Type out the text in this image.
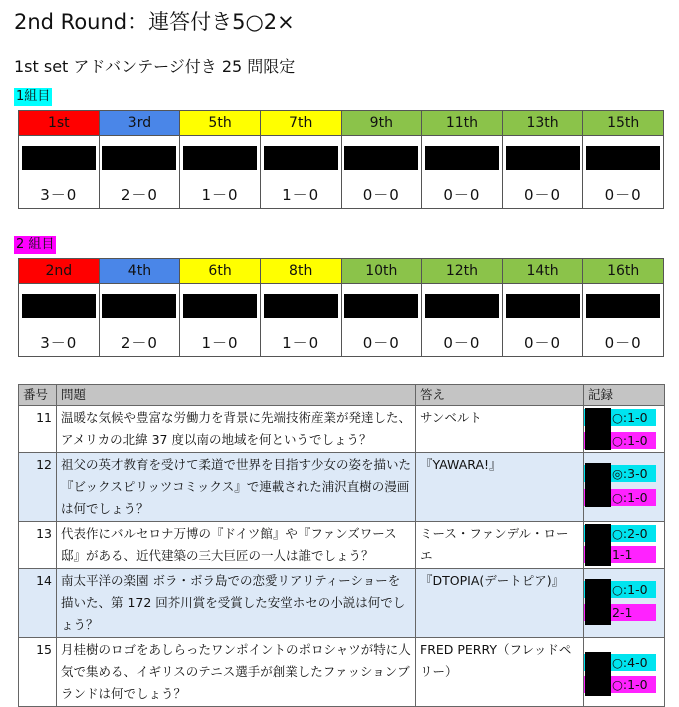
2nd Round：連答付き5○2×
1st set アドバンテージ付き 25 問限定
1組目
1st	3rd	5th	7th	9th	11th	13th	15th

3－0	2－0	1－0	1－0	0－0	0－0	0－0	0－0
2 組目
2nd	4th	6th	8th	10th	12th	14th	16th

3－0	2－0	1－0	1－0	0－0	0－0	0－0	0－0
番号	問題	答え	記録
11	温暖な気候や豊富な労働力を背景に先端技術産業が発達した、アメリカの北緯 37 度以南の地域を何というでしょう？	サンベルト	○:1-0
○:1-0

12	祖父の英才教育を受けて柔道で世界を目指す少女の姿を描いた『ビックスピリッツコミックス』で連載された浦沢直樹の漫画は何でしょう？	『YAWARA!』	◎:3-0
○:1-0

13	代表作にバルセロナ万博の『ドイツ館』や『ファンズワース邸』がある、近代建築の三大巨匠の一人は誰でしょう？	ミース・ファンデル・ローエ	○:2-0
1-1

14	南太平洋の楽園 ボラ・ボラ島での恋愛リアリティーショーを描いた、第 172 回芥川賞を受賞した安堂ホセの小説は何でしょう？	『DTOPIA(デートピア)』	○:1-0
2-1

15	月桂樹のロゴをあしらったワンポイントのポロシャツが特に人気で集める、イギリスのテニス選手が創業したファッションブランドは何でしょう？	FRED PERRY（フレッドペリー）	○:4-0
○:1-0
